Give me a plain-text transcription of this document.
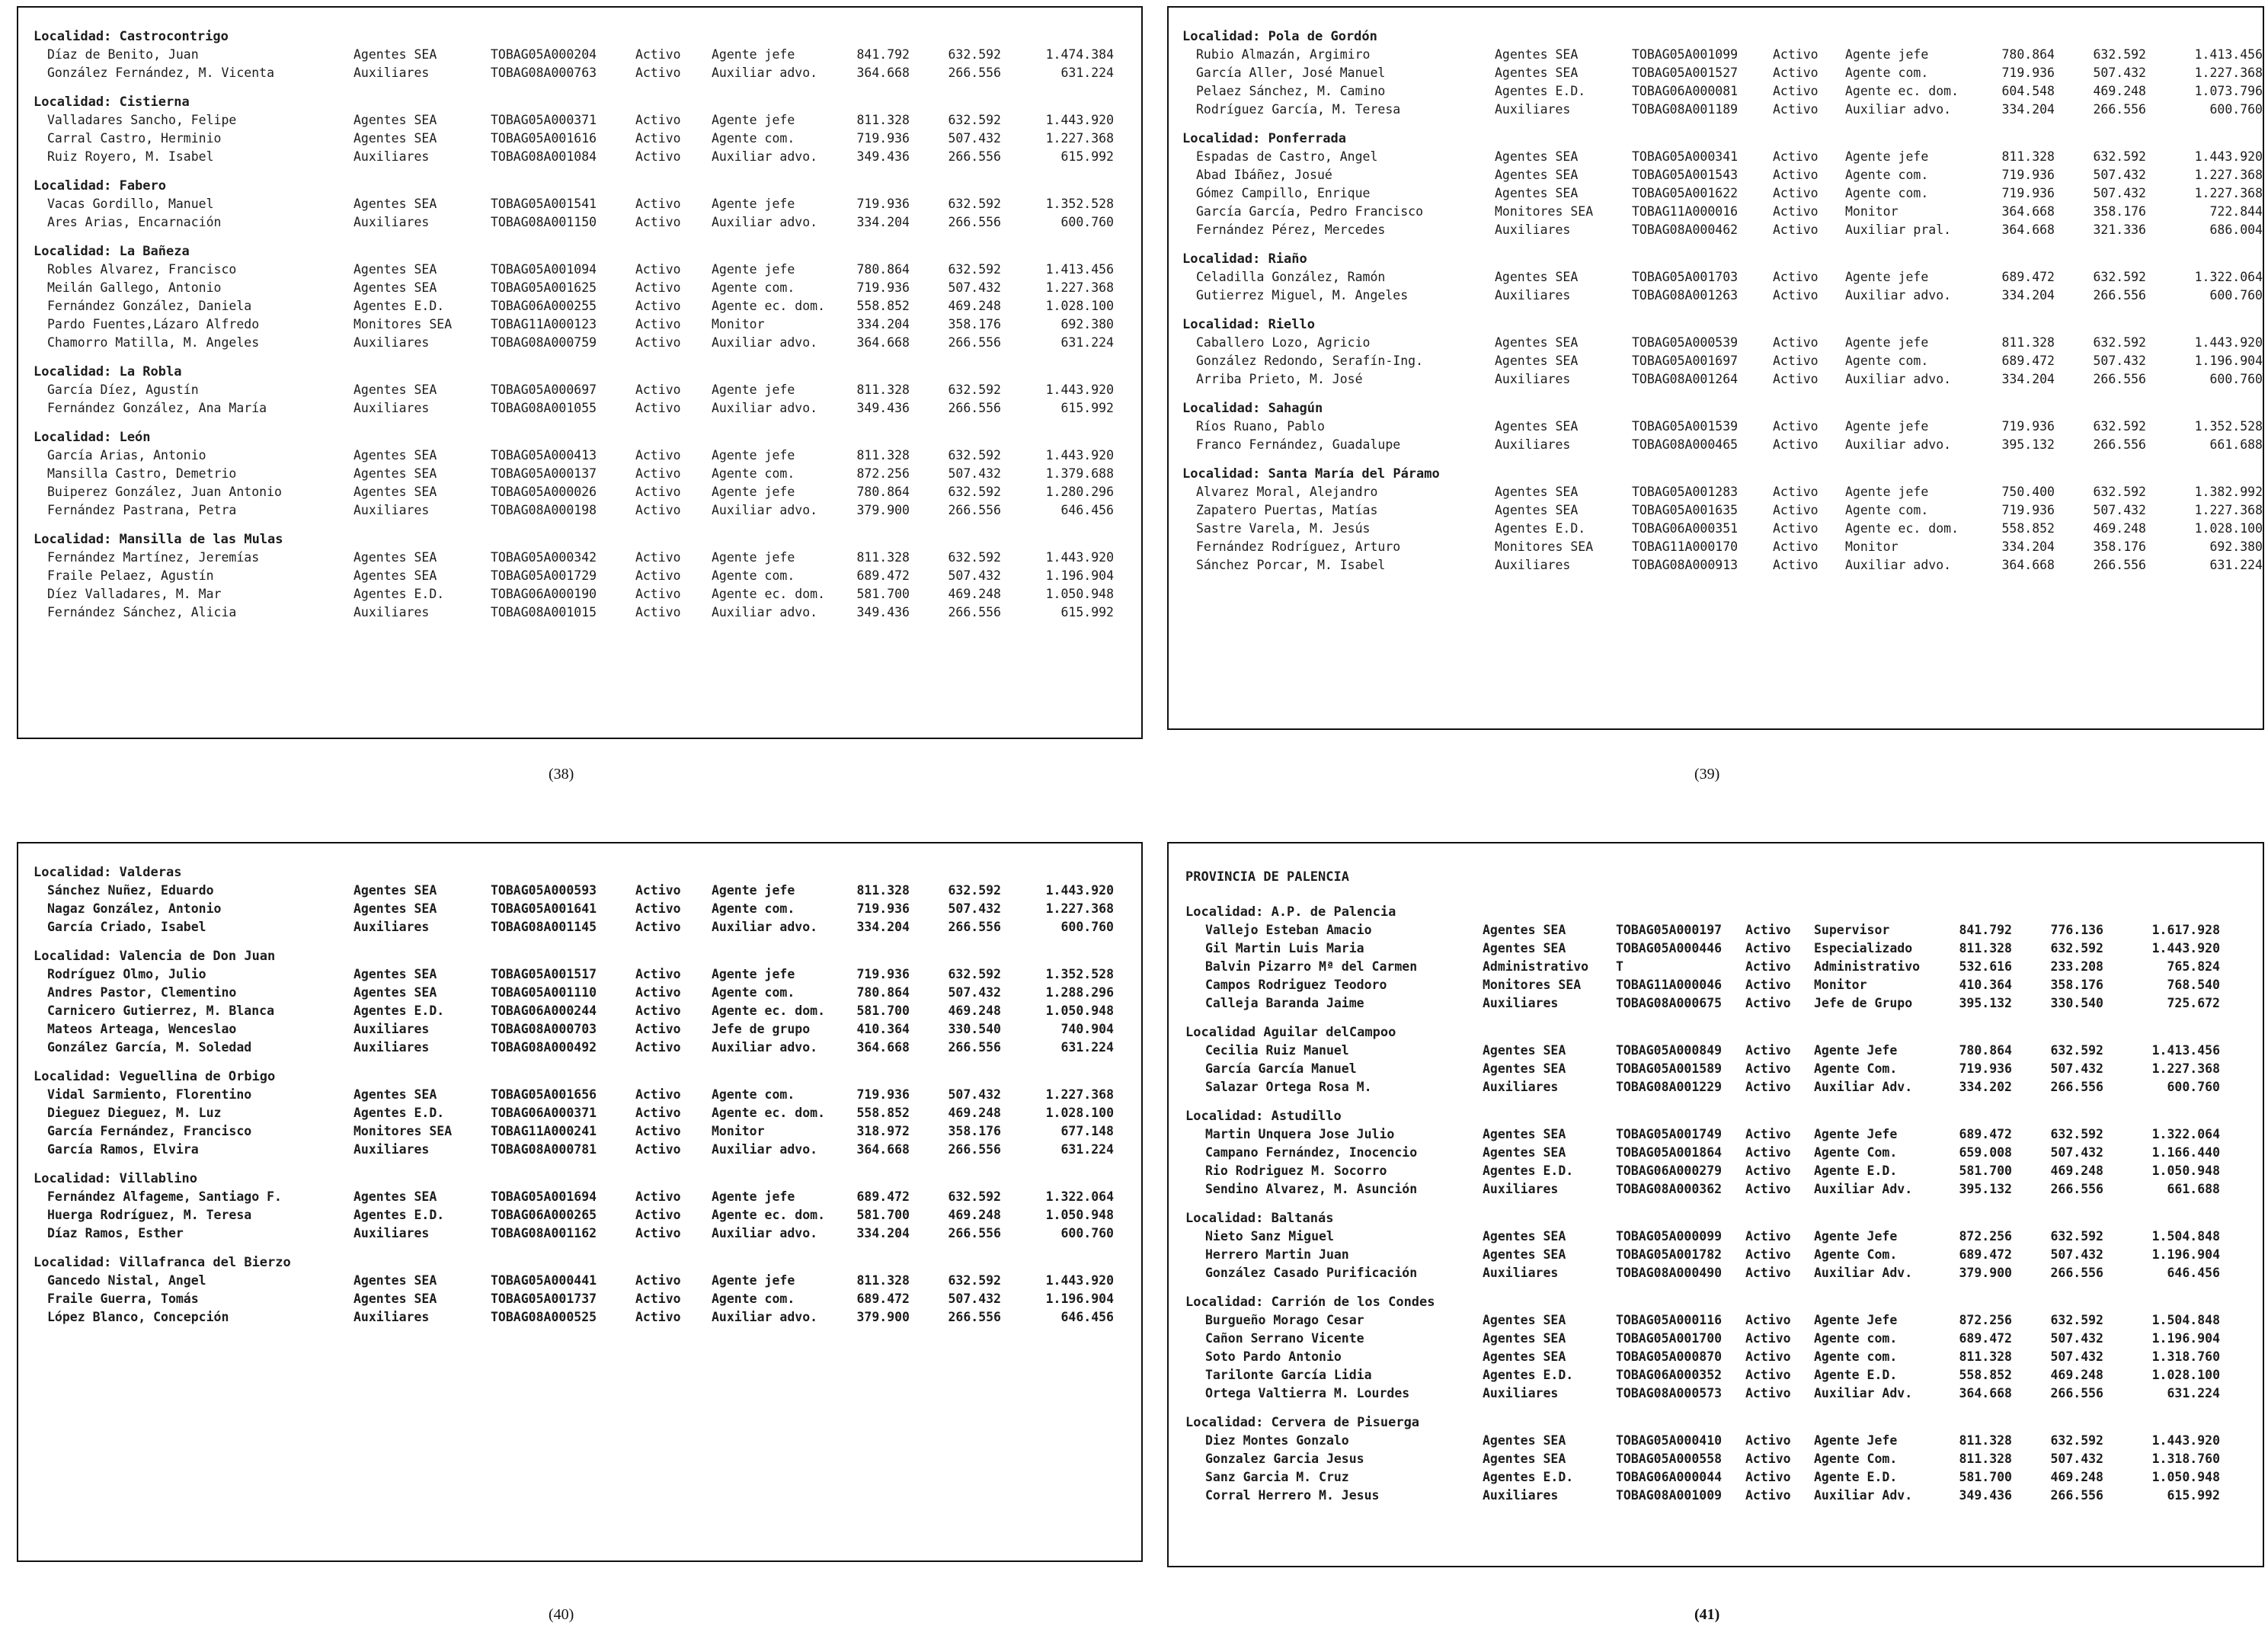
Localidad: Castrocontrigo
Díaz de Benito, Juan	Agentes SEA	TOBAG05A000204	Activo Agente jefe	841.792	632.592	1.474.384
González Fernández, M. Vicenta	Auxiliares	TOBAG08A000763	Activo Auxiliar advo.	364.668	266.556	631.224
Localidad: Cistierna
Valladares Sancho, Felipe	Agentes SEA	TOBAG05A000371	Activo Agente jefe	811.328	632.592	1.443.920
Carral Castro, Herminio	Agentes SEA	TOBAG05A001616	Activo Agente com.	719.936	507.432	1.227.368
Ruiz Royero, M. Isabel	Auxiliares	TOBAG08A001084	Activo Auxiliar advo.	349.436	266.556	615.992
Localidad: Fabero
Vacas Gordillo, Manuel	Agentes SEA	TOBAG05A001541	Activo Agente jefe	719.936	632.592	1.352.528
Ares Arias, Encarnación	Auxiliares	TOBAG08A001150	Activo Auxiliar advo.	334.204	266.556	600.760
Localidad: La Bañeza
Robles Alvarez, Francisco	Agentes SEA	TOBAG05A001094	Activo Agente jefe	780.864	632.592	1.413.456
Meilán Gallego, Antonio	Agentes SEA	TOBAG05A001625	Activo Agente com.	719.936	507.432	1.227.368
Fernández González, Daniela	Agentes E.D.	TOBAG06A000255	Activo Agente ec. dom.	558.852	469.248	1.028.100
Pardo Fuentes,Lázaro Alfredo	Monitores SEA	TOBAG11A000123	Activo Monitor	334.204	358.176	692.380
Chamorro Matilla, M. Angeles	Auxiliares	TOBAG08A000759	Activo Auxiliar advo.	364.668	266.556	631.224
Localidad: La Robla
García Díez, Agustín	Agentes SEA	TOBAG05A000697	Activo Agente jefe	811.328	632.592	1.443.920
Fernández González, Ana María	Auxiliares	TOBAG08A001055	Activo Auxiliar advo.	349.436	266.556	615.992
Localidad: León
García Arias, Antonio	Agentes SEA	TOBAG05A000413	Activo Agente jefe	811.328	632.592	1.443.920
Mansilla Castro, Demetrio	Agentes SEA	TOBAG05A000137	Activo Agente com.	872.256	507.432	1.379.688
Buiperez González, Juan Antonio	Agentes SEA	TOBAG05A000026	Activo Agente jefe	780.864	632.592	1.280.296
Fernández Pastrana, Petra	Auxiliares	TOBAG08A000198	Activo Auxiliar advo.	379.900	266.556	646.456
Localidad: Mansilla de las Mulas
Fernández Martínez, Jeremías	Agentes SEA	TOBAG05A000342	Activo Agente jefe	811.328	632.592	1.443.920
Fraile Pelaez, Agustín	Agentes SEA	TOBAG05A001729	Activo Agente com.	689.472	507.432	1.196.904
Díez Valladares, M. Mar	Agentes E.D.	TOBAG06A000190	Activo Agente ec. dom.	581.700	469.248	1.050.948
Fernández Sánchez, Alicia	Auxiliares	TOBAG08A001015	Activo Auxiliar advo.	349.436	266.556	615.992
Localidad: Pola de Gordón
Rubio Almazán, Argimiro	Agentes SEA	TOBAG05A001099	Activo Agente jefe	780.864	632.592	1.413.456
García Aller, José Manuel	Agentes SEA	TOBAG05A001527	Activo Agente com.	719.936	507.432	1.227.368
Pelaez Sánchez, M. Camino	Agentes E.D.	TOBAG06A000081	Activo Agente ec. dom.	604.548	469.248	1.073.796
Rodríguez García, M. Teresa	Auxiliares	TOBAG08A001189	Activo Auxiliar advo.	334.204	266.556	600.760
Localidad: Ponferrada
Espadas de Castro, Angel	Agentes SEA	TOBAG05A000341	Activo Agente jefe	811.328	632.592	1.443.920
Abad Ibáñez, Josué	Agentes SEA	TOBAG05A001543	Activo Agente com.	719.936	507.432	1.227.368
Gómez Campillo, Enrique	Agentes SEA	TOBAG05A001622	Activo Agente com.	719.936	507.432	1.227.368
García García, Pedro Francisco	Monitores SEA	TOBAG11A000016	Activo Monitor	364.668	358.176	722.844
Fernández Pérez, Mercedes	Auxiliares	TOBAG08A000462	Activo Auxiliar pral.	364.668	321.336	686.004
Localidad: Riaño
Celadilla González, Ramón	Agentes SEA	TOBAG05A001703	Activo Agente jefe	689.472	632.592	1.322.064
Gutierrez Miguel, M. Angeles	Auxiliares	TOBAG08A001263	Activo Auxiliar advo.	334.204	266.556	600.760
Localidad: Riello
Caballero Lozo, Agricio	Agentes SEA	TOBAG05A000539	Activo Agente jefe	811.328	632.592	1.443.920
González Redondo, Serafín-Ing.	Agentes SEA	TOBAG05A001697	Activo Agente com.	689.472	507.432	1.196.904
Arriba Prieto, M. José	Auxiliares	TOBAG08A001264	Activo Auxiliar advo.	334.204	266.556	600.760
Localidad: Sahagún
Ríos Ruano, Pablo	Agentes SEA	TOBAG05A001539	Activo Agente jefe	719.936	632.592	1.352.528
Franco Fernández, Guadalupe	Auxiliares	TOBAG08A000465	Activo Auxiliar advo.	395.132	266.556	661.688
Localidad: Santa María del Páramo
Alvarez Moral, Alejandro	Agentes SEA	TOBAG05A001283	Activo Agente jefe	750.400	632.592	1.382.992
Zapatero Puertas, Matías	Agentes SEA	TOBAG05A001635	Activo Agente com.	719.936	507.432	1.227.368
Sastre Varela, M. Jesús	Agentes E.D.	TOBAG06A000351	Activo Agente ec. dom.	558.852	469.248	1.028.100
Fernández Rodríguez, Arturo	Monitores SEA	TOBAG11A000170	Activo Monitor	334.204	358.176	692.380
Sánchez Porcar, M. Isabel	Auxiliares	TOBAG08A000913	Activo Auxiliar advo.	364.668	266.556	631.224
Localidad: Valderas
Sánchez Nuñez, Eduardo	Agentes SEA	TOBAG05A000593	Activo Agente jefe	811.328	632.592	1.443.920
Nagaz González, Antonio	Agentes SEA	TOBAG05A001641	Activo Agente com.	719.936	507.432	1.227.368
García Criado, Isabel	Auxiliares	TOBAG08A001145	Activo Auxiliar advo.	334.204	266.556	600.760
Localidad: Valencia de Don Juan
Rodríguez Olmo, Julio	Agentes SEA	TOBAG05A001517	Activo Agente jefe	719.936	632.592	1.352.528
Andres Pastor, Clementino	Agentes SEA	TOBAG05A001110	Activo Agente com.	780.864	507.432	1.288.296
Carnicero Gutierrez, M. Blanca	Agentes E.D.	TOBAG06A000244	Activo Agente ec. dom.	581.700	469.248	1.050.948
Mateos Arteaga, Wenceslao	Auxiliares	TOBAG08A000703	Activo Jefe de grupo	410.364	330.540	740.904
González García, M. Soledad	Auxiliares	TOBAG08A000492	Activo Auxiliar advo.	364.668	266.556	631.224
Localidad: Veguellina de Orbigo
Vidal Sarmiento, Florentino	Agentes SEA	TOBAG05A001656	Activo Agente com.	719.936	507.432	1.227.368
Dieguez Dieguez, M. Luz	Agentes E.D.	TOBAG06A000371	Activo Agente ec. dom.	558.852	469.248	1.028.100
García Fernández, Francisco	Monitores SEA	TOBAG11A000241	Activo Monitor	318.972	358.176	677.148
García Ramos, Elvira	Auxiliares	TOBAG08A000781	Activo Auxiliar advo.	364.668	266.556	631.224
Localidad: Villablino
Fernández Alfageme, Santiago F.	Agentes SEA	TOBAG05A001694	Activo Agente jefe	689.472	632.592	1.322.064
Huerga Rodríguez, M. Teresa	Agentes E.D.	TOBAG06A000265	Activo Agente ec. dom.	581.700	469.248	1.050.948
Díaz Ramos, Esther	Auxiliares	TOBAG08A001162	Activo Auxiliar advo.	334.204	266.556	600.760
Localidad: Villafranca del Bierzo
Gancedo Nistal, Angel	Agentes SEA	TOBAG05A000441	Activo Agente jefe	811.328	632.592	1.443.920
Fraile Guerra, Tomás	Agentes SEA	TOBAG05A001737	Activo Agente com.	689.472	507.432	1.196.904
López Blanco, Concepción	Auxiliares	TOBAG08A000525	Activo Auxiliar advo.	379.900	266.556	646.456
PROVINCIA DE PALENCIA
Localidad: A.P. de Palencia
Vallejo Esteban Amacio	Agentes SEA	TOBAG05A000197 Activo Supervisor	841.792	776.136	1.617.928
Gil Martin Luis Maria	Agentes SEA	TOBAG05A000446 Activo Especializado	811.328	632.592	1.443.920
Balvin Pizarro Mª del Carmen	Administrativo T	Activo Administrativo	532.616	233.208	765.824
Campos Rodriguez Teodoro	Monitores SEA	TOBAG11A000046 Activo Monitor	410.364	358.176	768.540
Calleja Baranda Jaime	Auxiliares	TOBAG08A000675 Activo Jefe de Grupo	395.132	330.540	725.672
Localidad Aguilar delCampoo
Cecilia Ruiz Manuel	Agentes SEA	TOBAG05A000849 Activo Agente Jefe	780.864	632.592	1.413.456
García García Manuel	Agentes SEA	TOBAG05A001589 Activo Agente Com.	719.936	507.432	1.227.368
Salazar Ortega Rosa M.	Auxiliares	TOBAG08A001229 Activo Auxiliar Adv.	334.202	266.556	600.760
Localidad: Astudillo
Martin Unquera Jose Julio	Agentes SEA	TOBAG05A001749 Activo Agente Jefe	689.472	632.592	1.322.064
Campano Fernández, Inocencio	Agentes SEA	TOBAG05A001864 Activo Agente Com.	659.008	507.432	1.166.440
Rio Rodriguez M. Socorro	Agentes E.D.	TOBAG06A000279 Activo Agente E.D.	581.700	469.248	1.050.948
Sendino Alvarez, M. Asunción	Auxiliares	TOBAG08A000362 Activo Auxiliar Adv.	395.132	266.556	661.688
Localidad: Baltanás
Nieto Sanz Miguel	Agentes SEA	TOBAG05A000099 Activo Agente Jefe	872.256	632.592	1.504.848
Herrero Martin Juan	Agentes SEA	TOBAG05A001782 Activo Agente Com.	689.472	507.432	1.196.904
González Casado Purificación	Auxiliares	TOBAG08A000490 Activo Auxiliar Adv.	379.900	266.556	646.456
Localidad: Carrión de los Condes
Burgueño Morago Cesar	Agentes SEA	TOBAG05A000116 Activo Agente Jefe	872.256	632.592	1.504.848
Cañon Serrano Vicente	Agentes SEA	TOBAG05A001700 Activo Agente com.	689.472	507.432	1.196.904
Soto Pardo Antonio	Agentes SEA	TOBAG05A000870 Activo Agente com.	811.328	507.432	1.318.760
Tarilonte García Lidia	Agentes E.D.	TOBAG06A000352 Activo Agente E.D.	558.852	469.248	1.028.100
Ortega Valtierra M. Lourdes	Auxiliares	TOBAG08A000573 Activo Auxiliar Adv.	364.668	266.556	631.224
Localidad: Cervera de Pisuerga
Diez Montes Gonzalo	Agentes SEA	TOBAG05A000410 Activo Agente Jefe	811.328	632.592	1.443.920
Gonzalez Garcia Jesus	Agentes SEA	TOBAG05A000558 Activo Agente Com.	811.328	507.432	1.318.760
Sanz Garcia M. Cruz	Agentes E.D.	TOBAG06A000044 Activo Agente E.D.	581.700	469.248	1.050.948
Corral Herrero M. Jesus	Auxiliares	TOBAG08A001009 Activo Auxiliar Adv.	349.436	266.556	615.992
(38)	(39)
(40)	(41)
